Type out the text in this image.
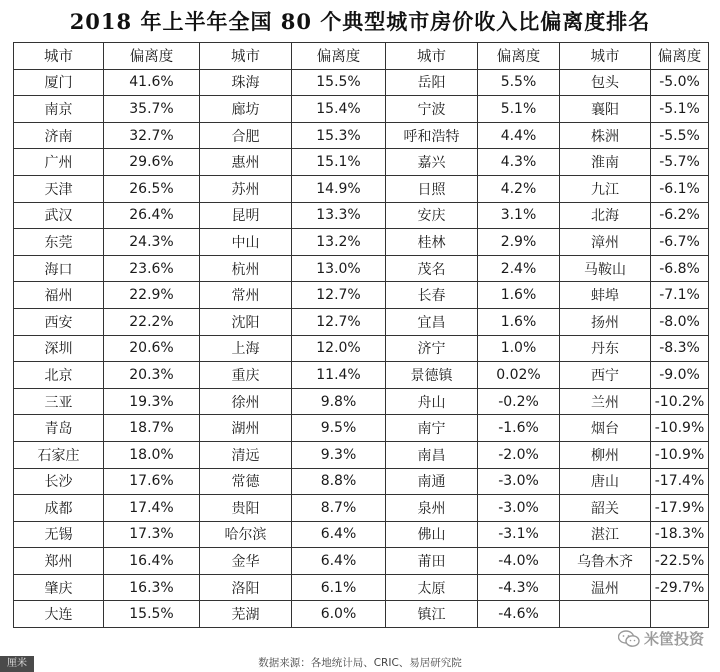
2018 年上半年全国 80 个典型城市房价收入比偏离度排名
城市	偏离度	城市	偏离度	城市	偏离度	城市	偏离度
厦门	41.6%	珠海	15.5%	岳阳	5.5%	包头	-5.0%
南京	35.7%	廊坊	15.4%	宁波	5.1%	襄阳	-5.1%
济南	32.7%	合肥	15.3%	呼和浩特	4.4%	株洲	-5.5%
广州	29.6%	惠州	15.1%	嘉兴	4.3%	淮南	-5.7%
天津	26.5%	苏州	14.9%	日照	4.2%	九江	-6.1%
武汉	26.4%	昆明	13.3%	安庆	3.1%	北海	-6.2%
东莞	24.3%	中山	13.2%	桂林	2.9%	漳州	-6.7%
海口	23.6%	杭州	13.0%	茂名	2.4%	马鞍山	-6.8%
福州	22.9%	常州	12.7%	长春	1.6%	蚌埠	-7.1%
西安	22.2%	沈阳	12.7%	宜昌	1.6%	扬州	-8.0%
深圳	20.6%	上海	12.0%	济宁	1.0%	丹东	-8.3%
北京	20.3%	重庆	11.4%	景德镇	0.02%	西宁	-9.0%
三亚	19.3%	徐州	9.8%	舟山	-0.2%	兰州	-10.2%
青岛	18.7%	湖州	9.5%	南宁	-1.6%	烟台	-10.9%
石家庄	18.0%	清远	9.3%	南昌	-2.0%	柳州	-10.9%
长沙	17.6%	常德	8.8%	南通	-3.0%	唐山	-17.4%
成都	17.4%	贵阳	8.7%	泉州	-3.0%	韶关	-17.9%
无锡	17.3%	哈尔滨	6.4%	佛山	-3.1%	湛江	-18.3%
郑州	16.4%	金华	6.4%	莆田	-4.0%	乌鲁木齐	-22.5%
肇庆	16.3%	洛阳	6.1%	太原	-4.3%	温州	-29.7%
大连	15.5%	芜湖	6.0%	镇江	-4.6%		
米筐投资
数据来源：各地统计局、CRIC、易居研究院
厘米
